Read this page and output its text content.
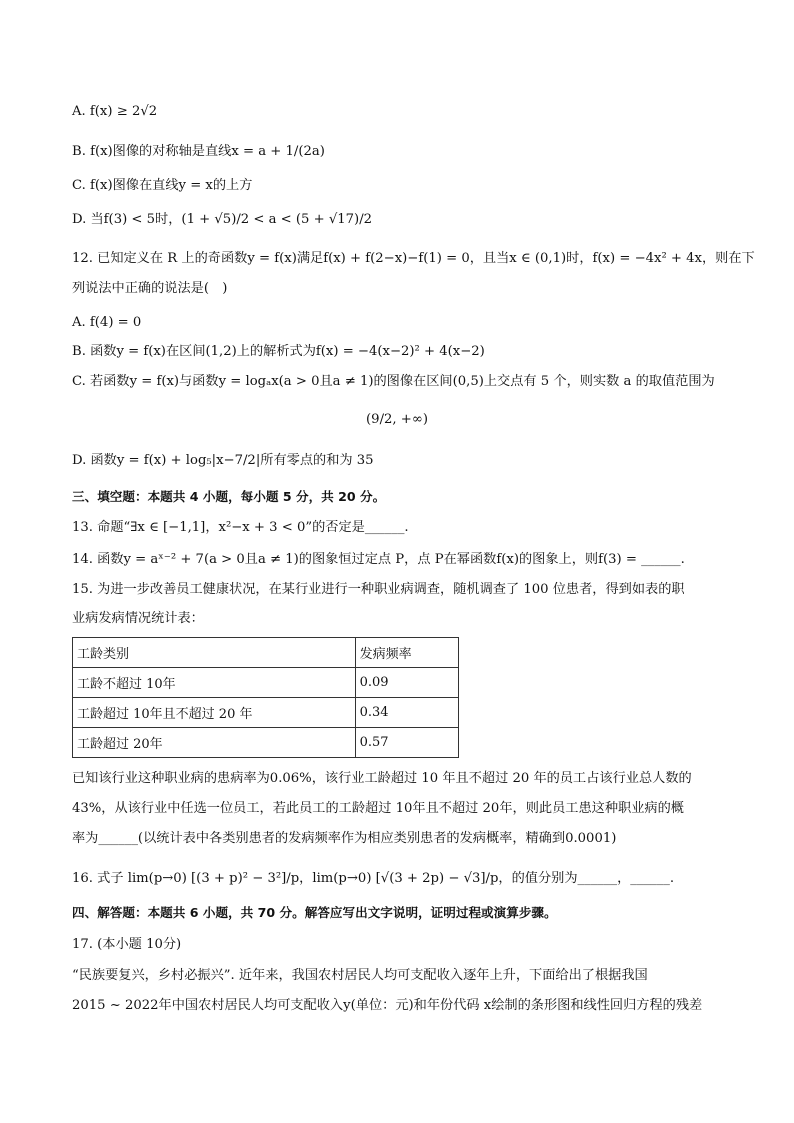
A. f(x) ≥ 2√2
B. f(x)图像的对称轴是直线x = a + 1/(2a)
C. f(x)图像在直线y = x的上方
D. 当f(3) < 5时，(1 + √5)/2 < a < (5 + √17)/2
12. 已知定义在 R 上的奇函数y = f(x)满足f(x) + f(2−x)−f(1) = 0，且当x ∈ (0,1)时，f(x) = −4x² + 4x，则在下
列说法中正确的说法是(　)
A. f(4) = 0
B. 函数y = f(x)在区间(1,2)上的解析式为f(x) = −4(x−2)² + 4(x−2)
C. 若函数y = f(x)与函数y = logₐx(a > 0且a ≠ 1)的图像在区间(0,5)上交点有 5 个，则实数 a 的取值范围为
(9/2, +∞)
D. 函数y = f(x) + log₅|x−7/2|所有零点的和为 35
三、填空题：本题共 4 小题，每小题 5 分，共 20 分。
13. 命题“∃x ∈ [−1,1]，x²−x + 3 < 0”的否定是______.
14. 函数y = aˣ⁻² + 7(a > 0且a ≠ 1)的图象恒过定点 P，点 P在幂函数f(x)的图象上，则f(3) = ______.
15. 为进一步改善员工健康状况，在某行业进行一种职业病调查，随机调查了 100 位患者，得到如表的职
业病发病情况统计表：
工龄类别	发病频率
工龄不超过 10年	0.09
工龄超过 10年且不超过 20 年	0.34
工龄超过 20年	0.57
已知该行业这种职业病的患病率为0.06%，该行业工龄超过 10 年且不超过 20 年的员工占该行业总人数的
43%，从该行业中任选一位员工，若此员工的工龄超过 10年且不超过 20年，则此员工患这种职业病的概
率为______(以统计表中各类别患者的发病频率作为相应类别患者的发病概率，精确到0.0001)
16. 式子 lim(p→0) [(3 + p)² − 3²]/p，lim(p→0) [√(3 + 2p) − √3]/p，的值分别为______，______.
四、解答题：本题共 6 小题，共 70 分。解答应写出文字说明，证明过程或演算步骤。
17. (本小题 10分)
“民族要复兴，乡村必振兴”. 近年来，我国农村居民人均可支配收入逐年上升，下面给出了根据我国
2015 ~ 2022年中国农村居民人均可支配收入y(单位：元)和年份代码 x绘制的条形图和线性回归方程的残差
